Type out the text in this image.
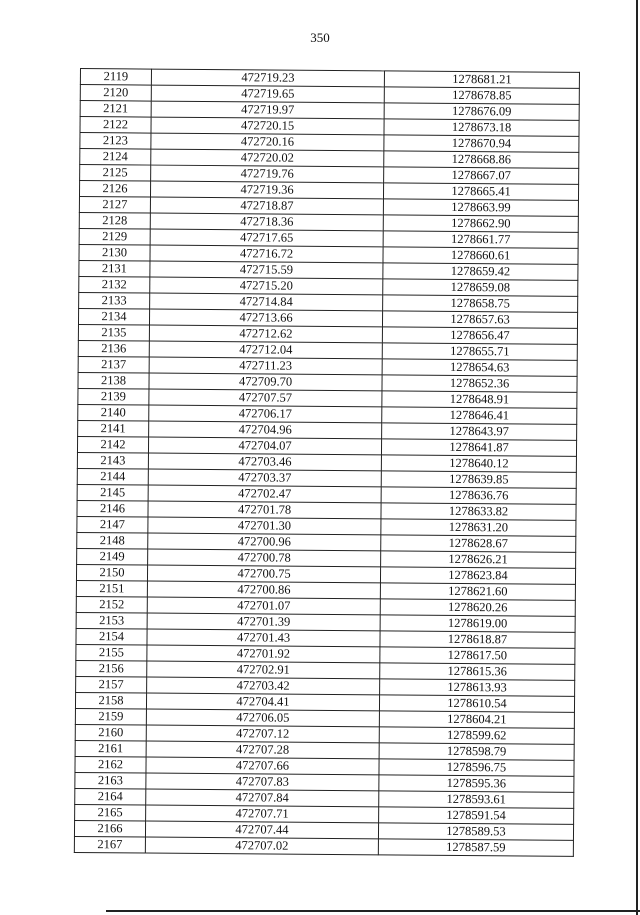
350
2119	472719.23	1278681.21
2120	472719.65	1278678.85
2121	472719.97	1278676.09
2122	472720.15	1278673.18
2123	472720.16	1278670.94
2124	472720.02	1278668.86
2125	472719.76	1278667.07
2126	472719.36	1278665.41
2127	472718.87	1278663.99
2128	472718.36	1278662.90
2129	472717.65	1278661.77
2130	472716.72	1278660.61
2131	472715.59	1278659.42
2132	472715.20	1278659.08
2133	472714.84	1278658.75
2134	472713.66	1278657.63
2135	472712.62	1278656.47
2136	472712.04	1278655.71
2137	472711.23	1278654.63
2138	472709.70	1278652.36
2139	472707.57	1278648.91
2140	472706.17	1278646.41
2141	472704.96	1278643.97
2142	472704.07	1278641.87
2143	472703.46	1278640.12
2144	472703.37	1278639.85
2145	472702.47	1278636.76
2146	472701.78	1278633.82
2147	472701.30	1278631.20
2148	472700.96	1278628.67
2149	472700.78	1278626.21
2150	472700.75	1278623.84
2151	472700.86	1278621.60
2152	472701.07	1278620.26
2153	472701.39	1278619.00
2154	472701.43	1278618.87
2155	472701.92	1278617.50
2156	472702.91	1278615.36
2157	472703.42	1278613.93
2158	472704.41	1278610.54
2159	472706.05	1278604.21
2160	472707.12	1278599.62
2161	472707.28	1278598.79
2162	472707.66	1278596.75
2163	472707.83	1278595.36
2164	472707.84	1278593.61
2165	472707.71	1278591.54
2166	472707.44	1278589.53
2167	472707.02	1278587.59
